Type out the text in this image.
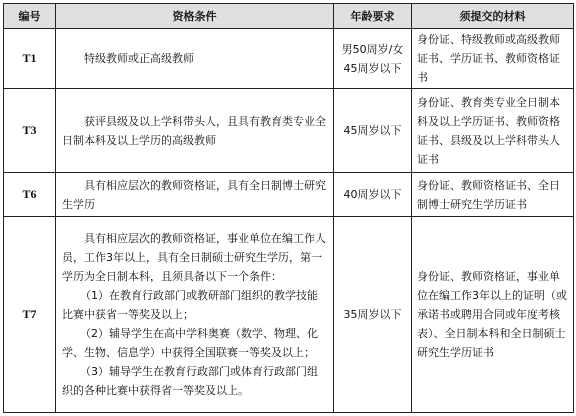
编号	资格条件	年龄要求	须提交的材料
T1	特级教师或正高级教师	男50周岁/女45周岁以下	身份证、特级教师或高级教师证书、学历证书、教师资格证书
T3	获评县级及以上学科带头人，且具有教育类专业全日制本科及以上学历的高级教师	45周岁以下	身份证、教育类专业全日制本科及以上学历证书、教师资格证书、县级及以上学科带头人证书
T6	具有相应层次的教师资格证，具有全日制博士研究生学历	40周岁以下	身份证、教师资格证书、全日制博士研究生学历证书
T7	具有相应层次的教师资格证，事业单位在编工作人员，工作3年以上，具有全日制硕士研究生学历，第一学历为全日制本科，且须具备以下一个条件：
（1）在教育行政部门或教研部门组织的教学技能比赛中获省一等奖及以上；
（2）辅导学生在高中学科奥赛（数学、物理、化学、生物、信息学）中获得全国联赛一等奖及以上；
（3）辅导学生在教育行政部门或体育行政部门组织的各种比赛中获得省一等奖及以上。	35周岁以下	身份证、教师资格证，事业单位在编工作3年以上的证明（或承诺书或聘用合同或年度考核表）、全日制本科和全日制硕士研究生学历证书
